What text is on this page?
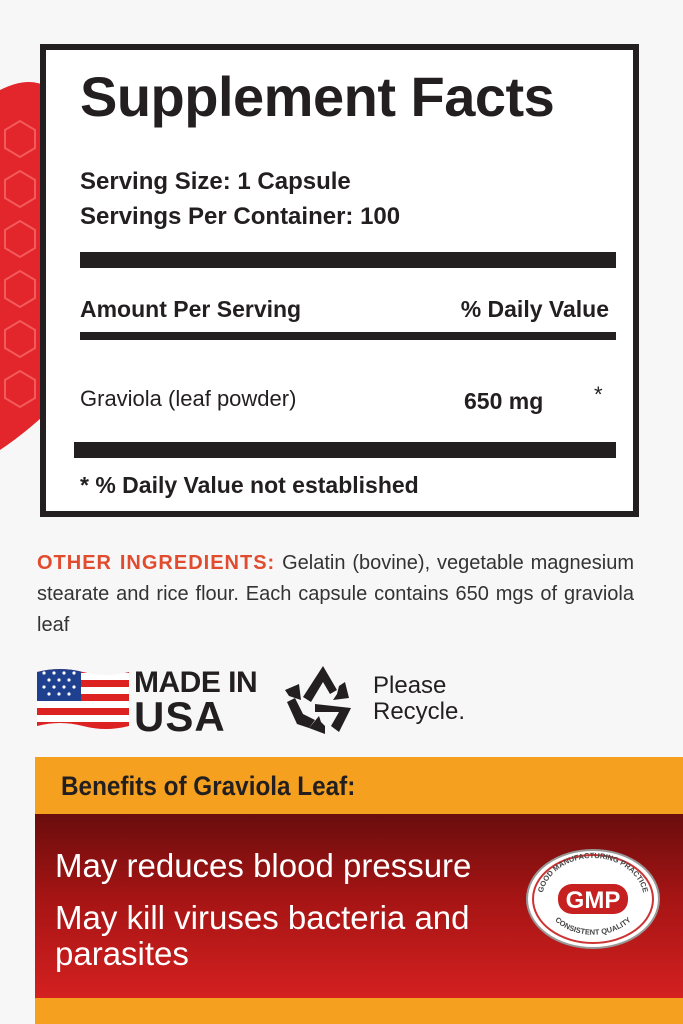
Supplement Facts
Serving Size: 1 Capsule
Servings Per Container: 100
Amount Per Serving	% Daily Value
Graviola (leaf powder)	650 mg *
* % Daily Value not established
OTHER INGREDIENTS: Gelatin (bovine), vegetable magnesium stearate and rice flour. Each capsule contains 650 mgs of graviola leaf
MADE IN
USA
Please
Recycle.
Benefits of Graviola Leaf:
May reduces blood pressure
May kill viruses bacteria and parasites
GOOD MANUFACTURING PRACTICE
CONSISTENT QUALITY
GMP
